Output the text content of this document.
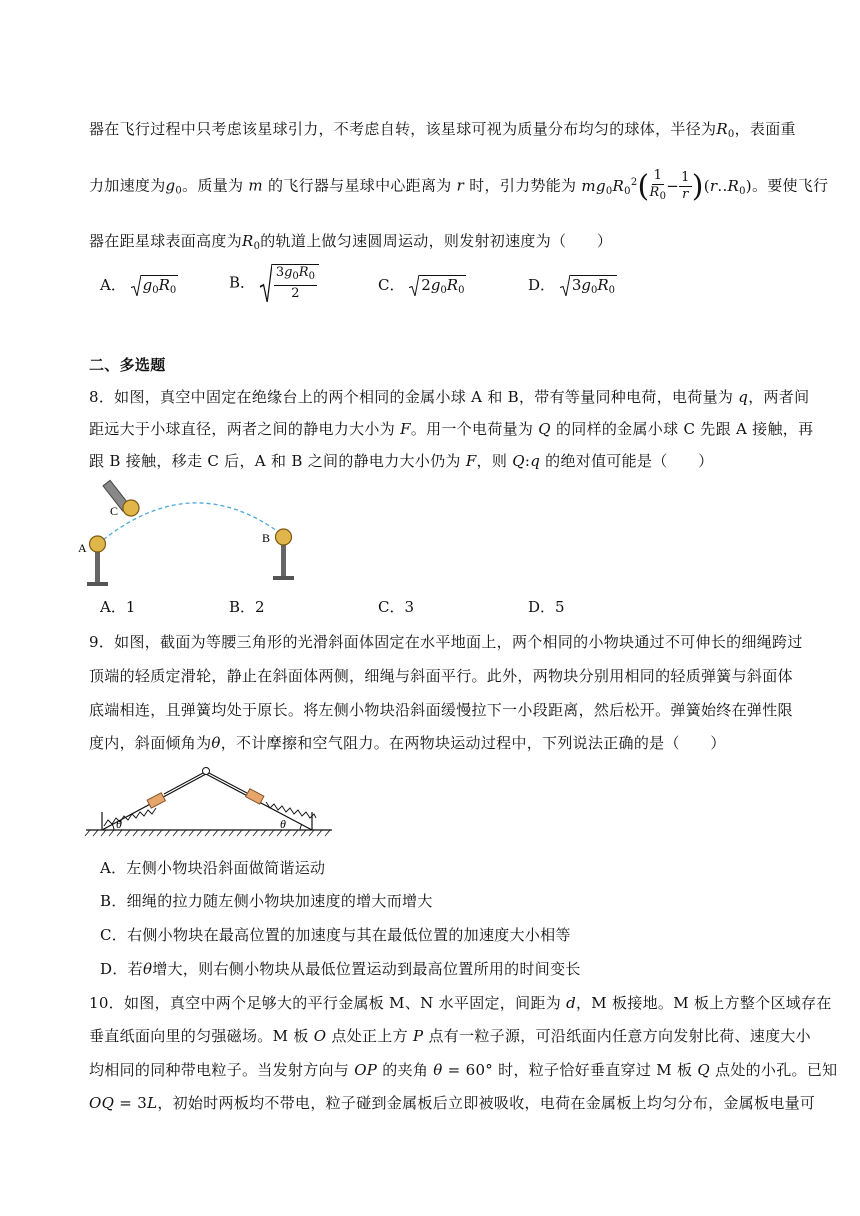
器在飞行过程中只考虑该星球引力，不考虑自转，该星球可视为质量分布均匀的球体，半径为$R_0$，表面重
力加速度为$g_0$。质量为 m 的飞行器与星球中心距离为 r 时，引力势能为 $mg_0R_0^2( \frac{1}{R_0} - \frac{1}{r} )(r..R_0)$。要使飞行
器在距星球表面高度为$R_0$的轨道上做匀速圆周运动，则发射初速度为（　　）
A． $g_0R_0$	B． $\frac{3g_0R_0}{2}$	C． $2g_0R_0$	D． $3g_0R_0$
二、多选题
8．如图，真空中固定在绝缘台上的两个相同的金属小球 A 和 B，带有等量同种电荷，电荷量为 q，两者间
距远大于小球直径，两者之间的静电力大小为 F。用一个电荷量为 Q 的同样的金属小球 C 先跟 A 接触，再
跟 B 接触，移走 C 后，A 和 B 之间的静电力大小仍为 F，则 Q:q 的绝对值可能是（　　）
C
A
B
A．1	B．2	C．3	D．5
9．如图，截面为等腰三角形的光滑斜面体固定在水平地面上，两个相同的小物块通过不可伸长的细绳跨过
顶端的轻质定滑轮，静止在斜面体两侧，细绳与斜面平行。此外，两物块分别用相同的轻质弹簧与斜面体
底端相连，且弹簧均处于原长。将左侧小物块沿斜面缓慢拉下一小段距离，然后松开。弹簧始终在弹性限
度内，斜面倾角为θ，不计摩擦和空气阻力。在两物块运动过程中，下列说法正确的是（　　）
θ	θ
A．左侧小物块沿斜面做简谐运动
B．细绳的拉力随左侧小物块加速度的增大而增大
C．右侧小物块在最高位置的加速度与其在最低位置的加速度大小相等
D．若θ增大，则右侧小物块从最低位置运动到最高位置所用的时间变长
10．如图，真空中两个足够大的平行金属板 M、N 水平固定，间距为 d，M 板接地。M 板上方整个区域存在
垂直纸面向里的匀强磁场。M 板 O 点处正上方 P 点有一粒子源，可沿纸面内任意方向发射比荷、速度大小
均相同的同种带电粒子。当发射方向与 OP 的夹角 θ = 60° 时，粒子恰好垂直穿过 M 板 Q 点处的小孔。已知
OQ = 3L，初始时两板均不带电，粒子碰到金属板后立即被吸收，电荷在金属板上均匀分布，金属板电量可
